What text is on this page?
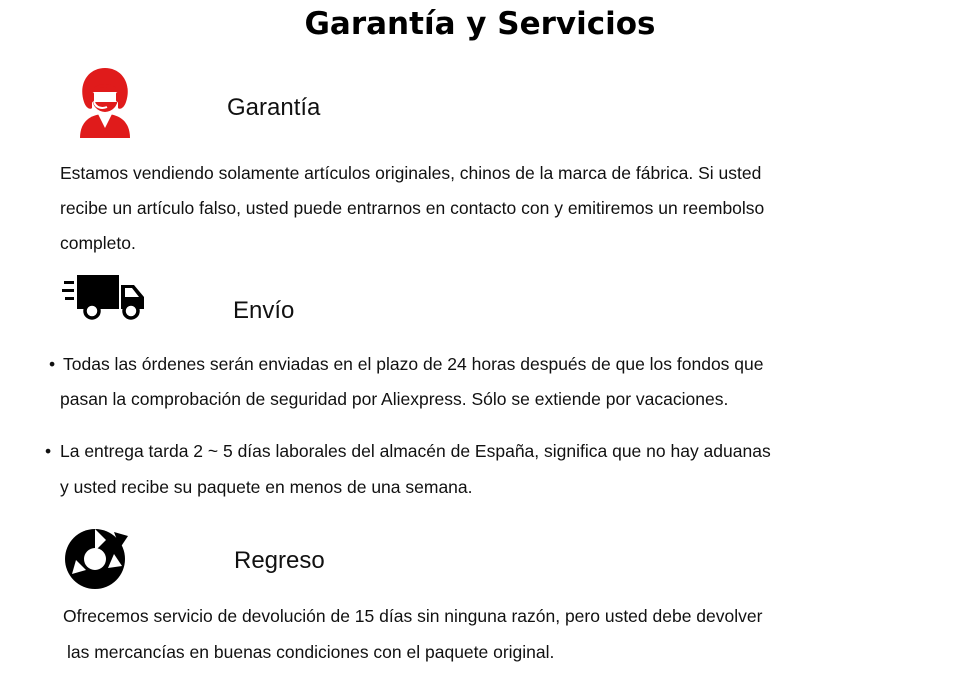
Garantía y Servicios
Garantía
Estamos vendiendo solamente artículos originales, chinos de la marca de fábrica. Si usted
recibe un artículo falso, usted puede entrarnos en contacto con y emitiremos un reembolso
completo.
Envío
• Todas las órdenes serán enviadas en el plazo de 24 horas después de que los fondos que
pasan la comprobación de seguridad por Aliexpress. Sólo se extiende por vacaciones.
• La entrega tarda 2 ~ 5 días laborales del almacén de España, significa que no hay aduanas
y usted recibe su paquete en menos de una semana.
Regreso
Ofrecemos servicio de devolución de 15 días sin ninguna razón, pero usted debe devolver
las mercancías en buenas condiciones con el paquete original.
